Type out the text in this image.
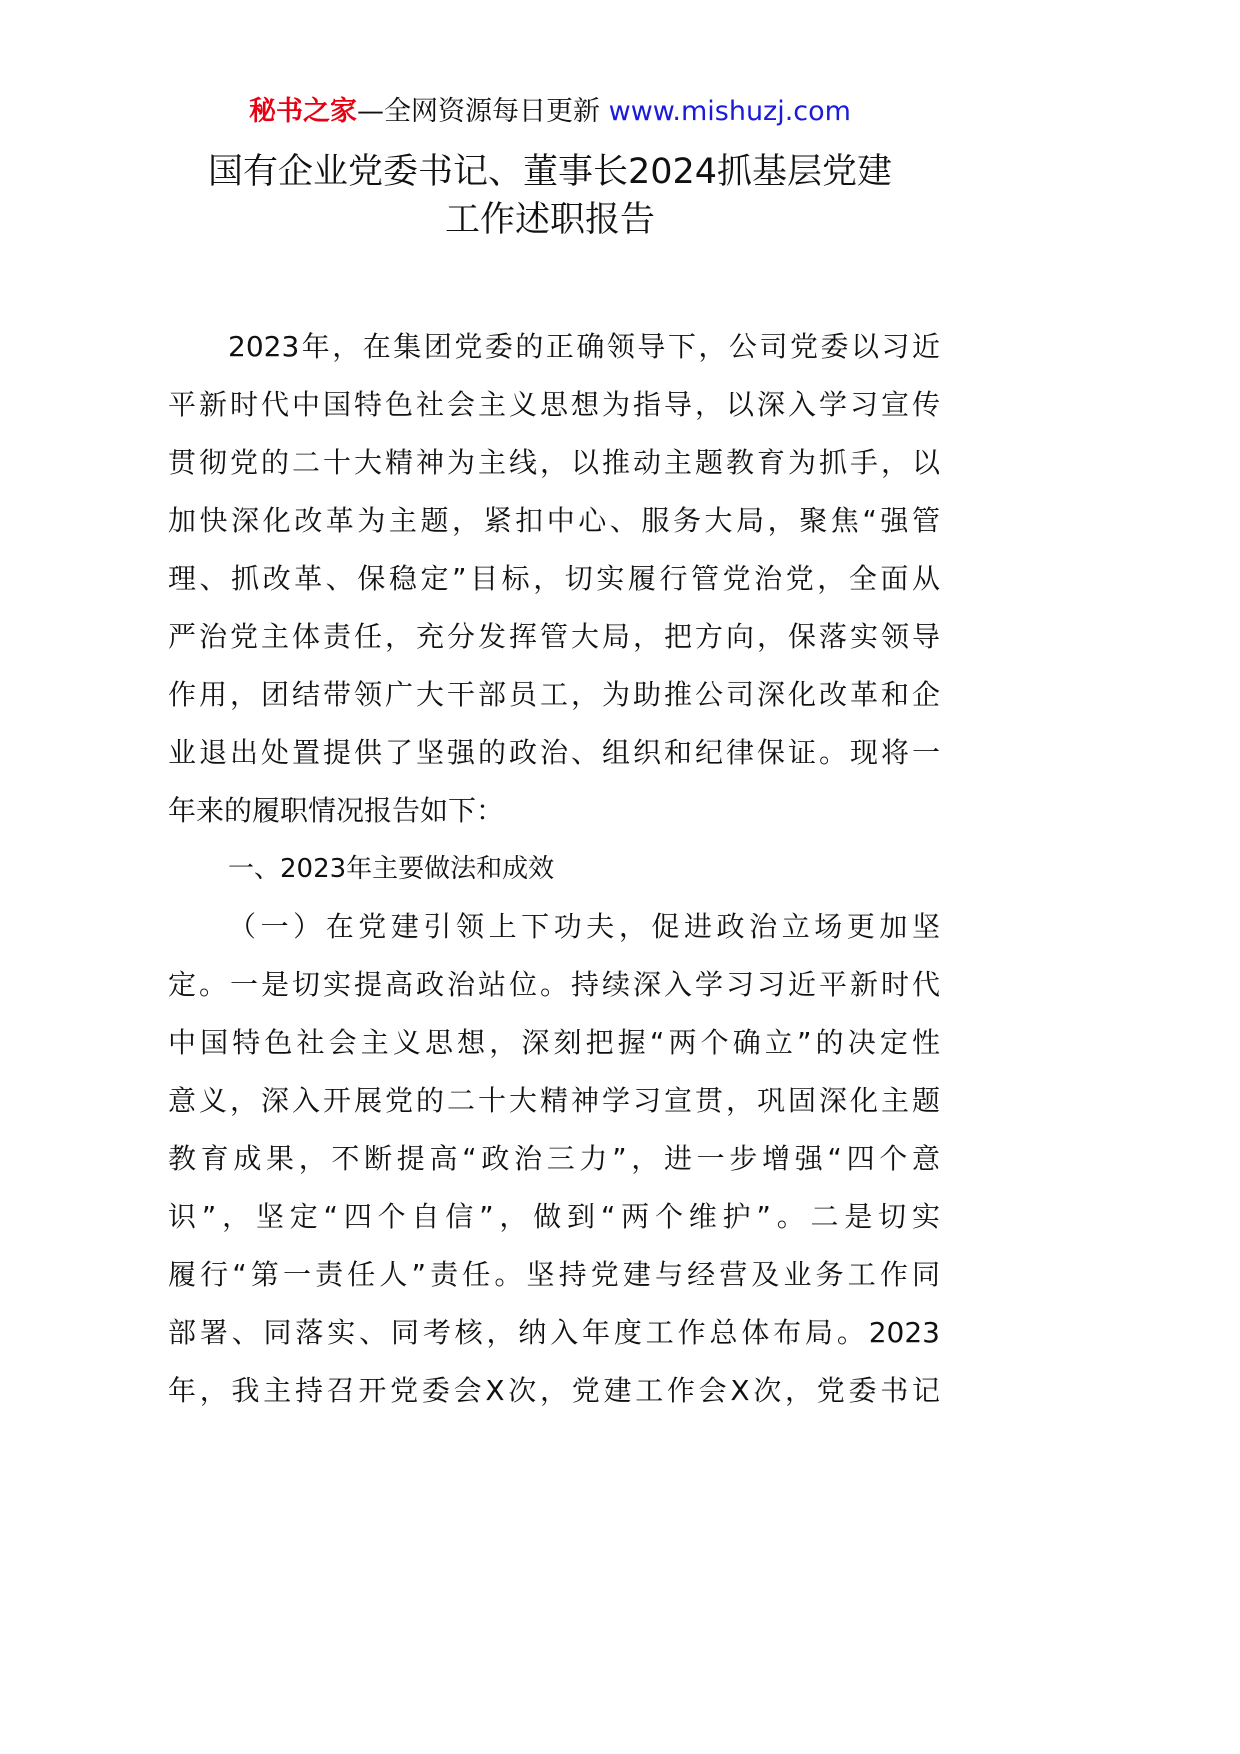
秘书之家—全网资源每日更新 www.mishuzj.com
国有企业党委书记、董事长2024抓基层党建
工作述职报告
2023年，在集团党委的正确领导下，公司党委以习近
平新时代中国特色社会主义思想为指导，以深入学习宣传
贯彻党的二十大精神为主线，以推动主题教育为抓手，以
加快深化改革为主题，紧扣中心、服务大局，聚焦“强管
理、抓改革、保稳定”目标，切实履行管党治党，全面从
严治党主体责任，充分发挥管大局，把方向，保落实领导
作用，团结带领广大干部员工，为助推公司深化改革和企
业退出处置提供了坚强的政治、组织和纪律保证。现将一
年来的履职情况报告如下：
一、2023年主要做法和成效
（一）在党建引领上下功夫，促进政治立场更加坚
定。一是切实提高政治站位。持续深入学习习近平新时代
中国特色社会主义思想，深刻把握“两个确立”的决定性
意义，深入开展党的二十大精神学习宣贯，巩固深化主题
教育成果，不断提高“政治三力”，进一步增强“四个意
识”，坚定“四个自信”，做到“两个维护”。二是切实
履行“第一责任人”责任。坚持党建与经营及业务工作同
部署、同落实、同考核，纳入年度工作总体布局。2023
年，我主持召开党委会X次，党建工作会X次，党委书记
